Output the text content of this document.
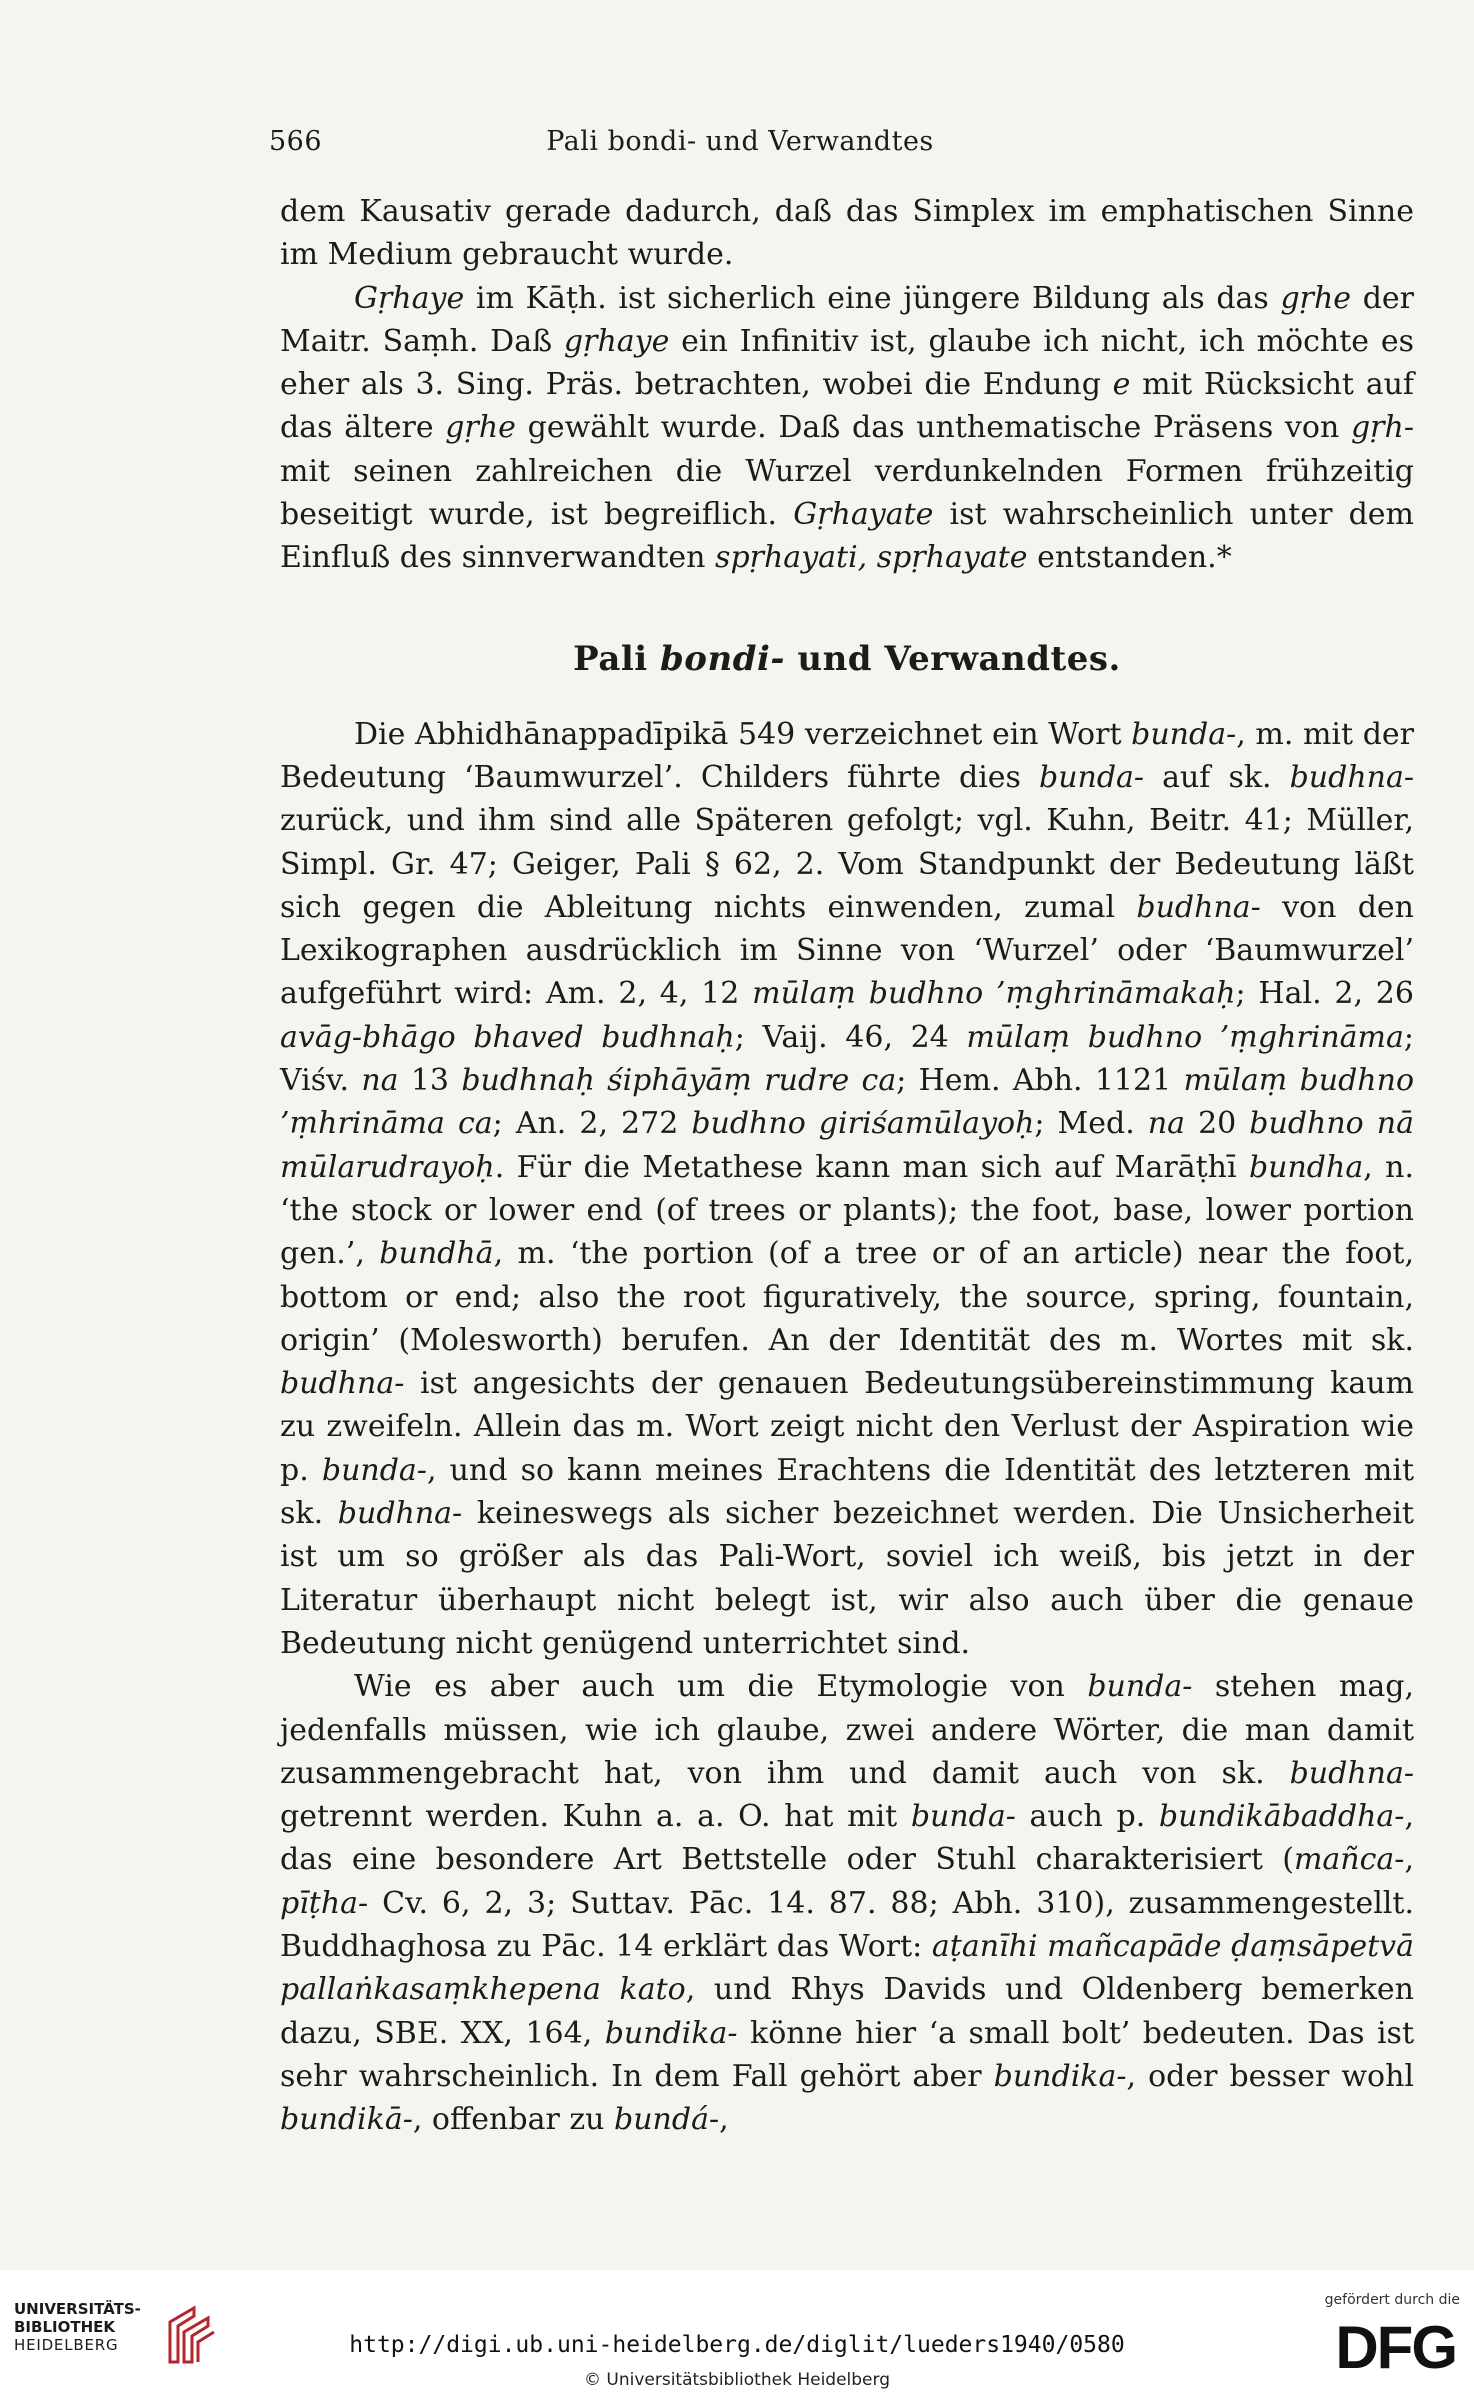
566	Pali bondi- und Verwandtes

dem Kausativ gerade dadurch, daß das Simplex im emphatischen Sinne im Medium gebraucht wurde.

Gṛhaye im Kāṭh. ist sicherlich eine jüngere Bildung als das gṛhe der Maitr. Saṃh. Daß gṛhaye ein Infinitiv ist, glaube ich nicht, ich möchte es eher als 3. Sing. Präs. betrachten, wobei die Endung e mit Rücksicht auf das ältere gṛhe gewählt wurde. Daß das unthematische Präsens von gṛh- mit seinen zahlreichen die Wurzel verdunkelnden Formen frühzeitig beseitigt wurde, ist begreiflich. Gṛhayate ist wahrscheinlich unter dem Einfluß des sinnverwandten spṛhayati, spṛhayate entstanden.*

Pali bondi- und Verwandtes.

Die Abhidhānappadīpikā 549 verzeichnet ein Wort bunda-, m. mit der Bedeutung ‘Baumwurzel’. Childers führte dies bunda- auf sk. budhna- zurück, und ihm sind alle Späteren gefolgt; vgl. Kuhn, Beitr. 41; Müller, Simpl. Gr. 47; Geiger, Pali § 62, 2. Vom Standpunkt der Bedeutung läßt sich gegen die Ableitung nichts einwenden, zumal budhna- von den Lexikographen ausdrücklich im Sinne von ‘Wurzel’ oder ‘Baumwurzel’ aufgeführt wird: Am. 2, 4, 12 mūlaṃ budhno ’ṃghrināmakaḥ; Hal. 2, 26 avāg-bhāgo bhaved budhnaḥ; Vaij. 46, 24 mūlaṃ budhno ’ṃghrināma; Viśv. na 13 budhnaḥ śiphāyāṃ rudre ca; Hem. Abh. 1121 mūlaṃ budhno ’ṃhrināma ca; An. 2, 272 budhno giriśamūlayoḥ; Med. na 20 budhno nā mūlarudrayoḥ. Für die Metathese kann man sich auf Marāṭhī bundha, n. ‘the stock or lower end (of trees or plants); the foot, base, lower portion gen.’, bundhā, m. ‘the portion (of a tree or of an article) near the foot, bottom or end; also the root figuratively, the source, spring, fountain, origin’ (Molesworth) berufen. An der Identität des m. Wortes mit sk. budhna- ist angesichts der genauen Bedeutungsübereinstimmung kaum zu zweifeln. Allein das m. Wort zeigt nicht den Verlust der Aspiration wie p. bunda-, und so kann meines Erachtens die Identität des letzteren mit sk. budhna- keineswegs als sicher bezeichnet werden. Die Unsicherheit ist um so größer als das Pali-Wort, soviel ich weiß, bis jetzt in der Literatur überhaupt nicht belegt ist, wir also auch über die genaue Bedeutung nicht genügend unterrichtet sind.

Wie es aber auch um die Etymologie von bunda- stehen mag, jedenfalls müssen, wie ich glaube, zwei andere Wörter, die man damit zusammengebracht hat, von ihm und damit auch von sk. budhna- getrennt werden. Kuhn a. a. O. hat mit bunda- auch p. bundikābaddha-, das eine besondere Art Bettstelle oder Stuhl charakterisiert (mañca-, pīṭha- Cv. 6, 2, 3; Suttav. Pāc. 14. 87. 88; Abh. 310), zusammengestellt. Buddhaghosa zu Pāc. 14 erklärt das Wort: aṭanīhi mañcapāde ḍaṃsāpetvā pallaṅkasaṃkhepena kato, und Rhys Davids und Oldenberg bemerken dazu, SBE. XX, 164, bundika- könne hier ‘a small bolt’ bedeuten. Das ist sehr wahrscheinlich. In dem Fall gehört aber bundika-, oder besser wohl bundikā-, offenbar zu bundá-,

UNIVERSITÄTS-
BIBLIOTHEK
HEIDELBERG	http://digi.ub.uni-heidelberg.de/diglit/lueders1940/0580
© Universitätsbibliothek Heidelberg
gefördert durch die
DFG
